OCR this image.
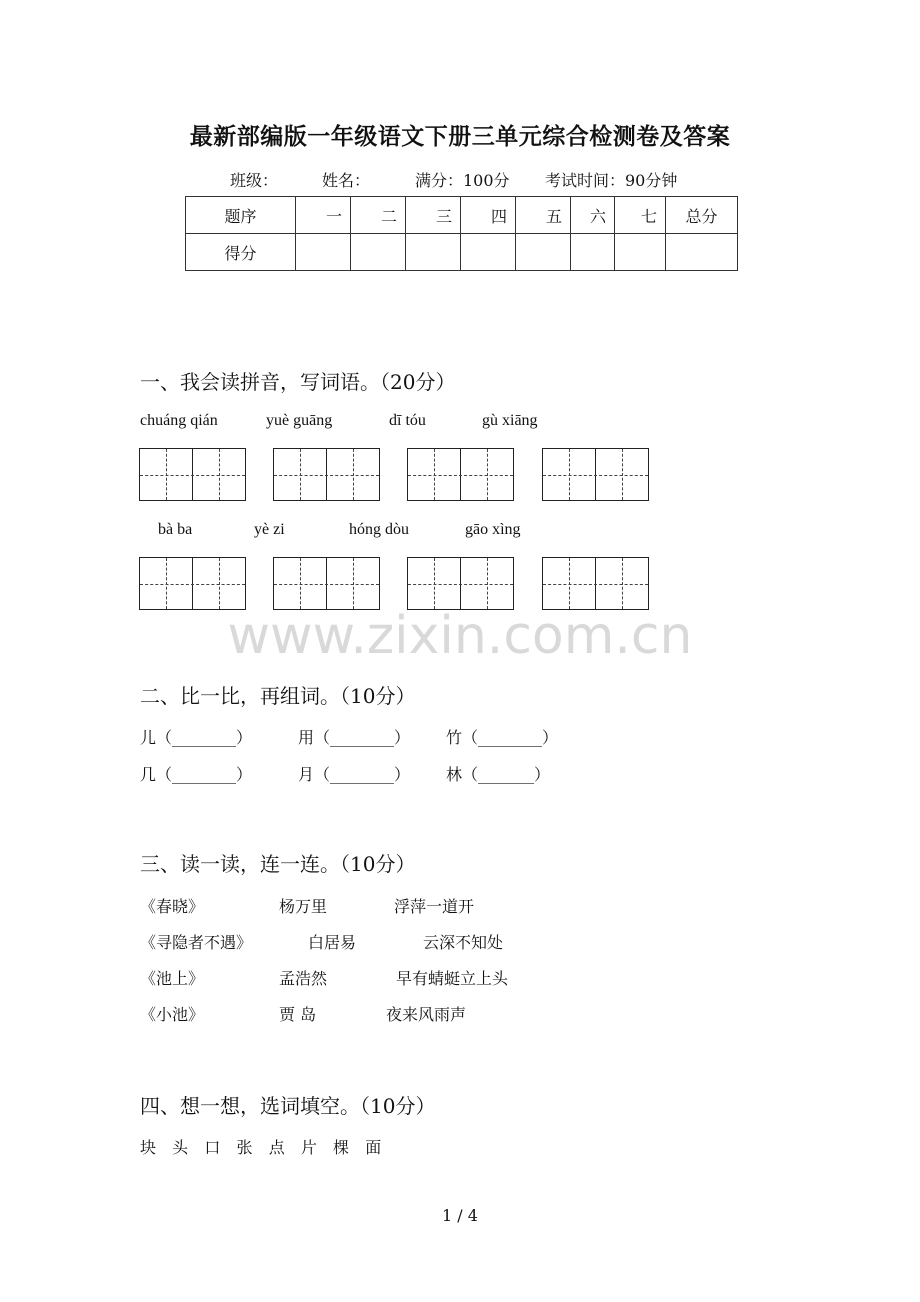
最新部编版一年级语文下册三单元综合检测卷及答案
班级：	姓名：	满分：100分 考试时间：90分钟
题序	一	二	三	四	五	六	七	总分
得分								
一、我会读拼音，写词语。（20分）
chuáng qián	yuè guāng	dī tóu	gù xiāng
bà ba	yè zi	hóng dòu	gāo xìng
www.zixin.com.cn
二、比一比，再组词。（10分）
儿（________）	用（________） 竹（________）
几（________）	月（________） 林（_______）
三、读一读，连一连。（10分）
《春晓》	杨万里	浮萍一道开
《寻隐者不遇》	白居易	云深不知处
《池上》	孟浩然	早有蜻蜓立上头
《小池》	贾 岛	夜来风雨声
四、想一想，选词填空。（10分）
块  头  口  张  点  片  棵  面
1 / 4
